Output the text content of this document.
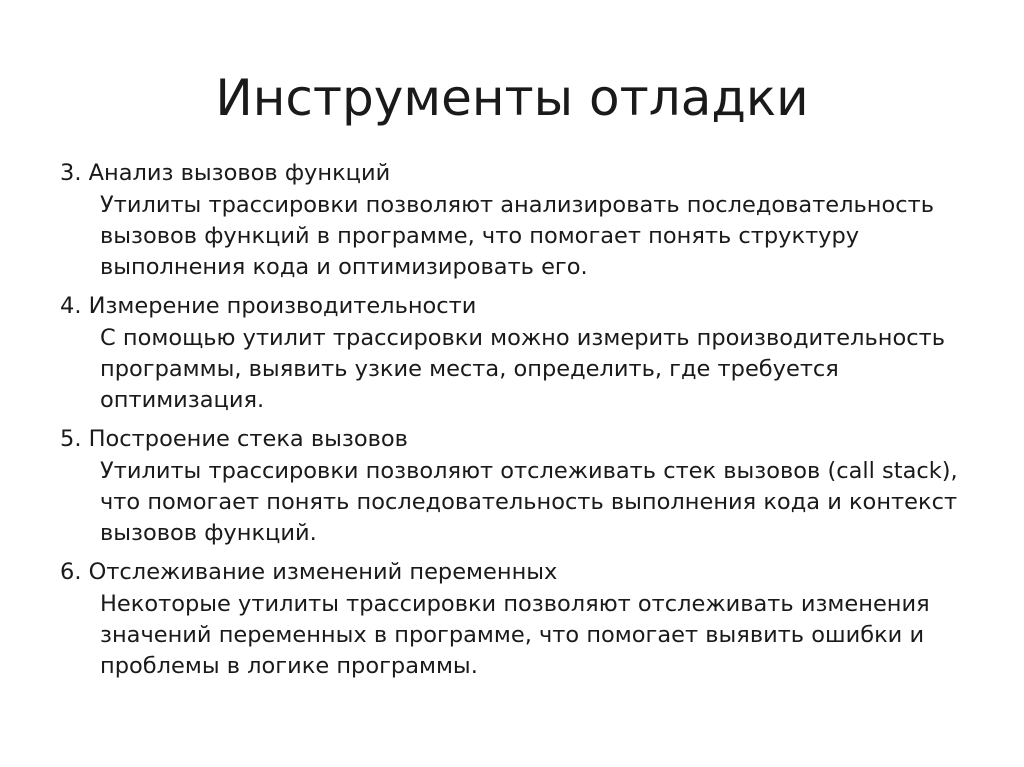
Инструменты отладки

3. Анализ вызовов функций

Утилиты трассировки позволяют анализировать последовательность вызовов функций в программе, что помогает понять структуру выполнения кода и оптимизировать его.

4. Измерение производительности

С помощью утилит трассировки можно измерить производительность программы, выявить узкие места, определить, где требуется оптимизация.

5. Построение стека вызовов

Утилиты трассировки позволяют отслеживать стек вызовов (call stack), что помогает понять последовательность выполнения кода и контекст вызовов функций.

6. Отслеживание изменений переменных

Некоторые утилиты трассировки позволяют отслеживать изменения значений переменных в программе, что помогает выявить ошибки и проблемы в логике программы.
